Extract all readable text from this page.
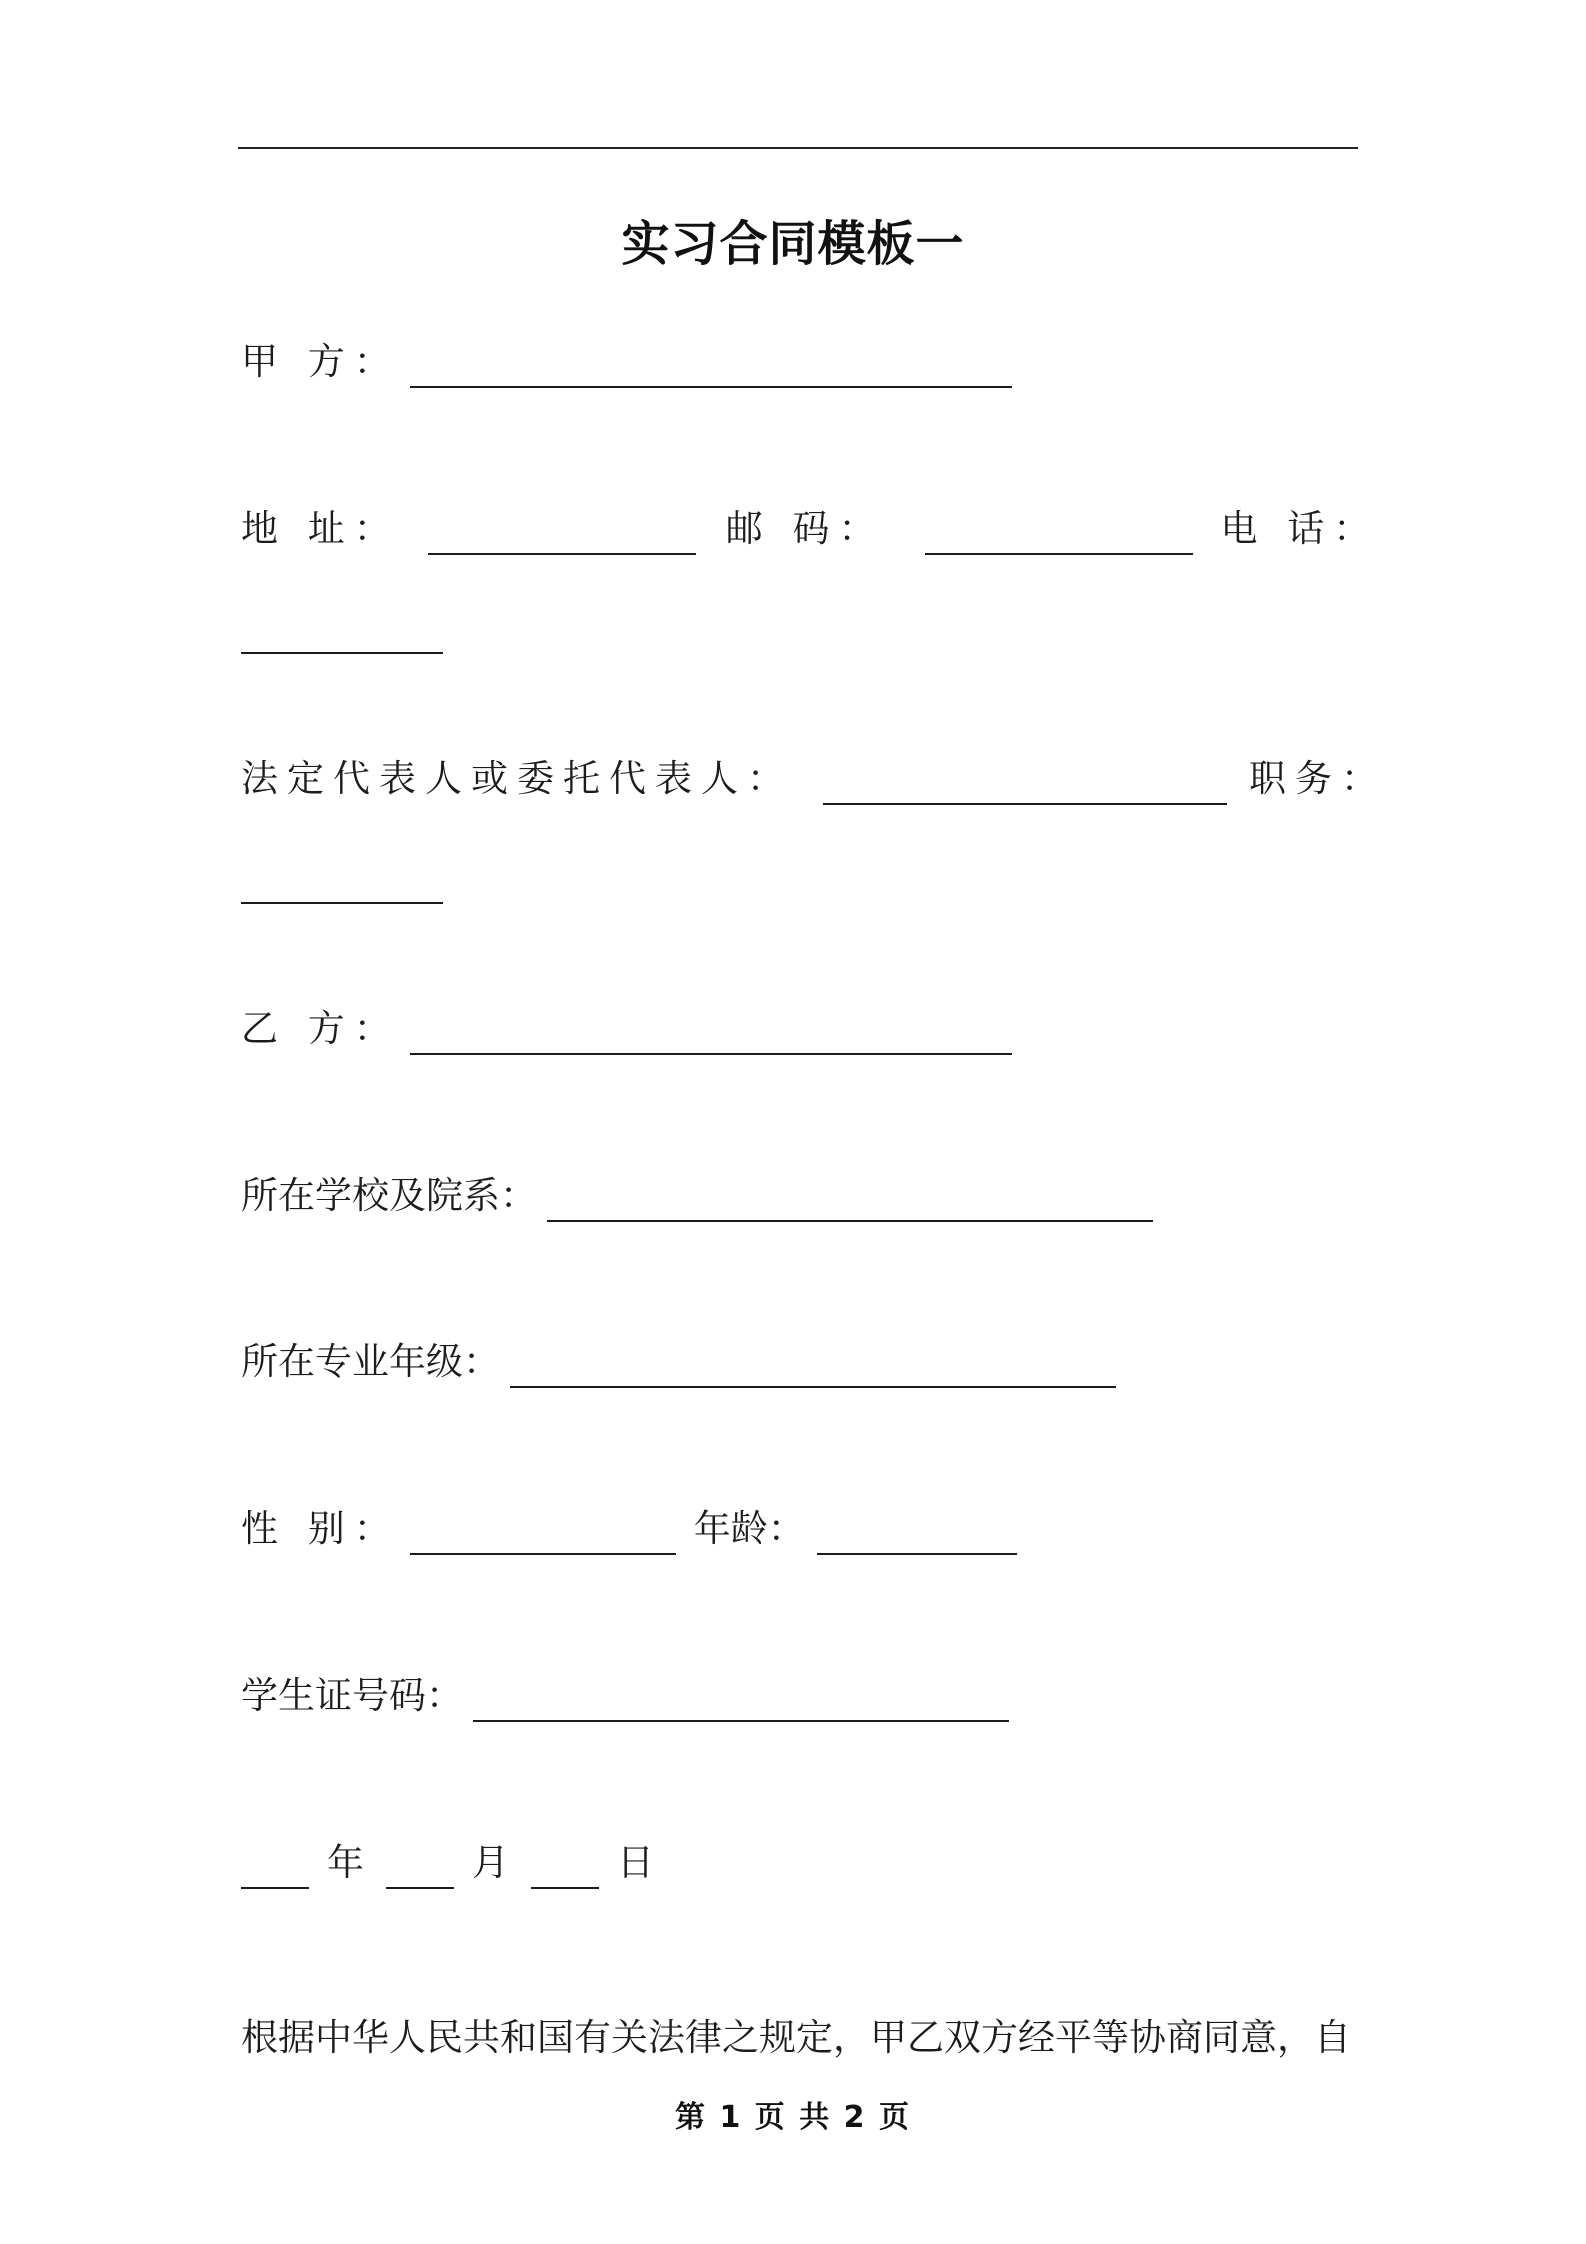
实习合同模板一
甲 方：
地 址：	邮 码：	电 话：
法定代表人或委托代表人：	职务：
乙 方：
所在学校及院系：
所在专业年级：
性 别：	年龄：
学生证号码：
年	月	日
根据中华人民共和国有关法律之规定，甲乙双方经平等协商同意，自
第 1 页 共 2 页
